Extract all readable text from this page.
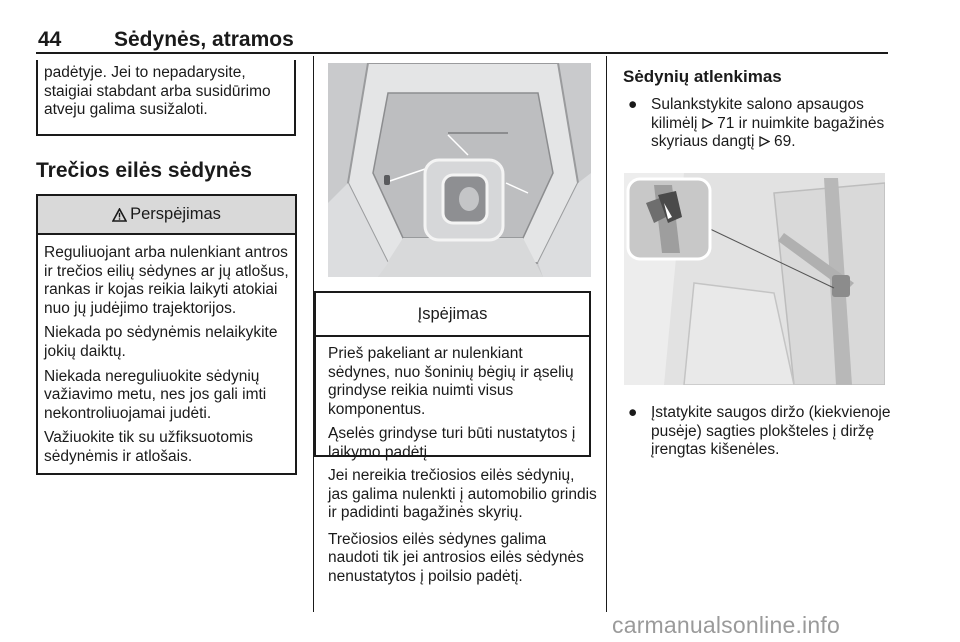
44	Sėdynės, atramos

padėtyje. Jei to nepadarysite, staigiai stabdant arba susidūrimo atveju galima susižaloti.

Trečios eilės sėdynės
Perspėjimas

Reguliuojant arba nulenkiant antros ir trečios eilių sėdynes ar jų atlošus, rankas ir kojas reikia laikyti atokiai nuo jų judėjimo trajektorijos.

Niekada po sėdynėmis nelaikykite jokių daiktų.

Niekada nereguliuokite sėdynių važiavimo metu, nes jos gali imti nekontroliuojamai judėti.

Važiuokite tik su užfiksuotomis sėdynėmis ir atlošais.

Įspėjimas

Prieš pakeliant ar nulenkiant sėdynes, nuo šoninių bėgių ir ąselių grindyse reikia nuimti visus komponentus.

Ąselės grindyse turi būti nustatytos į laikymo padėtį.

Jei nereikia trečiosios eilės sėdynių, jas galima nulenkti į automobilio grindis ir padidinti bagažinės skyrių.

Trečiosios eilės sėdynes galima naudoti tik jei antrosios eilės sėdynės nenustatytos į poilsio padėtį.

Sėdynių atlenkimas
● Sulankstykite salono apsaugos kilimėlį  71 ir nuimkite bagažinės skyriaus dangtį  69.
● Įstatykite saugos diržo (kiekvienoje pusėje) sagties plokšteles į diržę įrengtas kišenėles.
carmanualsonline.info
